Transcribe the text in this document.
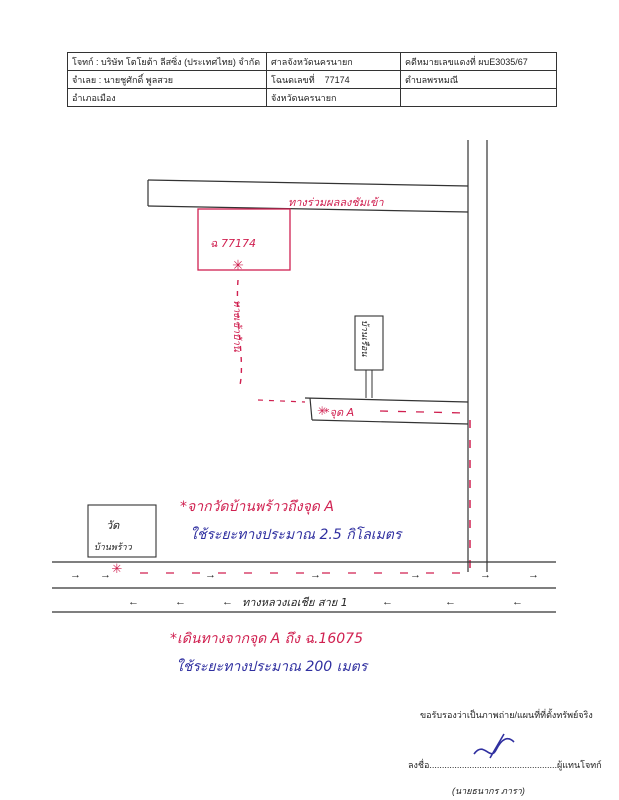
โจทก์ : บริษัท โตโยต้า ลีสซิ่ง (ประเทศไทย) จำกัด	ศาลจังหวัดนครนายก	คดีหมายเลขแดงที่ ผบE3035/67
จำเลย : นายชูศักดิ์ พูลสวย	โฉนดเลขที่ 77174	ตำบลพรหมณี
อำเภอเมือง	จังหวัดนครนายก	
✳
→ →	→	→	→	→	→
←	←	←	←	←	←
✳
✳
ทางร่วมผลลงชัมเข้า
ฉ 77174
ทางเข้าบ้าน	บ้านเรือน
*จุด A
วัด
บ้านพร้าว
ทางหลวงเอเชีย สาย 1
*จากวัดบ้านพร้าวถึงจุด A
ใช้ระยะทางประมาณ 2.5 กิโลเมตร
*เดินทางจากจุด A ถึง ฉ.16075
ใช้ระยะทางประมาณ 200 เมตร
ขอรับรองว่าเป็นภาพถ่าย/แผนที่ที่ตั้งทรัพย์จริง
ลงชื่อ...................................................ผู้แทนโจทก์
(นายธนากร ภารา)
